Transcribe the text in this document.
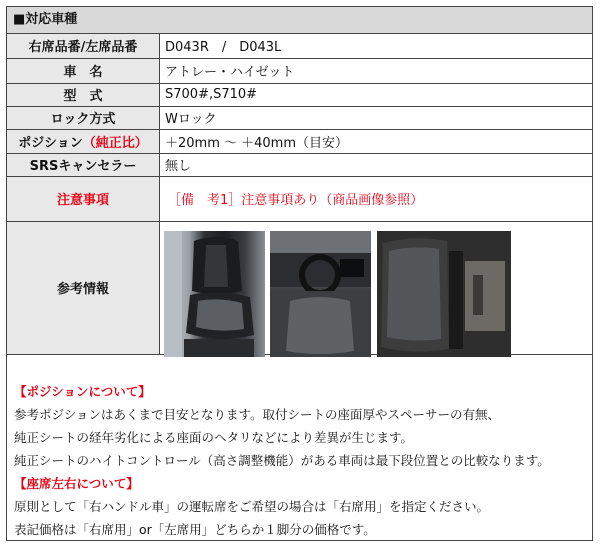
■対応車種
右席品番/左席品番	D043R　/　D043L
車　名	アトレー・ハイゼット
型　式	S700#,S710#
ロック方式	Wロック
ポジション（純正比）	＋20mm ～ ＋40mm（目安）
SRSキャンセラー	無し
注意事項	［備　考1］注意事項あり（商品画像参照）
参考情報	
【ポジションについて】
参考ポジションはあくまで目安となります。取付シートの座面厚やスペーサーの有無、
純正シートの経年劣化による座面のヘタリなどにより差異が生じます。
純正シートのハイトコントロール（高さ調整機能）がある車両は最下段位置との比較なります。
【座席左右について】
原則として「右ハンドル車」の運転席をご希望の場合は「右席用」を指定ください。
表記価格は「右席用」or「左席用」どちらか１脚分の価格です。
